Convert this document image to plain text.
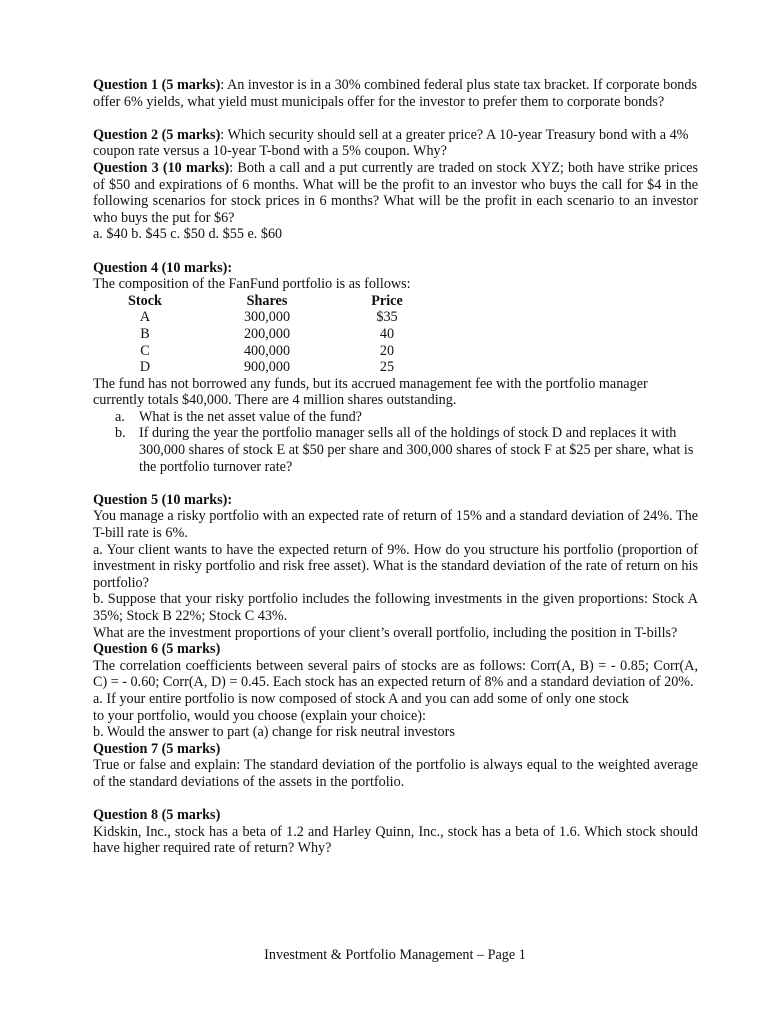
Question 1 (5 marks): An investor is in a 30% combined federal plus state tax bracket. If corporate bonds offer 6% yields, what yield must municipals offer for the investor to prefer them to corporate bonds?

Question 2 (5 marks): Which security should sell at a greater price? A 10-year Treasury bond with a 4% coupon rate versus a 10-year T-bond with a 5% coupon. Why?

Question 3 (10 marks): Both a call and a put currently are traded on stock XYZ; both have strike prices of $50 and expirations of 6 months. What will be the profit to an investor who buys the call for $4 in the following scenarios for stock prices in 6 months? What will be the profit in each scenario to an investor who buys the put for $6?

a. $40 b. $45 c. $50 d. $55 e. $60

Question 4 (10 marks):

The composition of the FanFund portfolio is as follows:

Stock	Shares	Price
A	300,000	$35
B	200,000	40
C	400,000	20
D	900,000	25

The fund has not borrowed any funds, but its accrued management fee with the portfolio manager currently totals $40,000. There are 4 million shares outstanding.

a. What is the net asset value of the fund?
b. If during the year the portfolio manager sells all of the holdings of stock D and replaces it with 300,000 shares of stock E at $50 per share and 300,000 shares of stock F at $25 per share, what is the portfolio turnover rate?

Question 5 (10 marks):

You manage a risky portfolio with an expected rate of return of 15% and a standard deviation of 24%. The T-bill rate is 6%.

a. Your client wants to have the expected return of 9%. How do you structure his portfolio (proportion of investment in risky portfolio and risk free asset). What is the standard deviation of the rate of return on his portfolio?

b. Suppose that your risky portfolio includes the following investments in the given proportions: Stock A 35%; Stock B 22%; Stock C 43%.

What are the investment proportions of your client’s overall portfolio, including the position in T-bills?

Question 6 (5 marks)

The correlation coefficients between several pairs of stocks are as follows: Corr(A, B) = - 0.85; Corr(A, C) = - 0.60; Corr(A, D) = 0.45. Each stock has an expected return of 8% and a standard deviation of 20%.

a. If your entire portfolio is now composed of stock A and you can add some of only one stock

to your portfolio, would you choose (explain your choice):

b. Would the answer to part (a) change for risk neutral investors

Question 7 (5 marks)

True or false and explain: The standard deviation of the portfolio is always equal to the weighted average of the standard deviations of the assets in the portfolio.

Question 8 (5 marks)

Kidskin, Inc., stock has a beta of 1.2 and Harley Quinn, Inc., stock has a beta of 1.6. Which stock should have higher required rate of return? Why?

Investment & Portfolio Management – Page 1
